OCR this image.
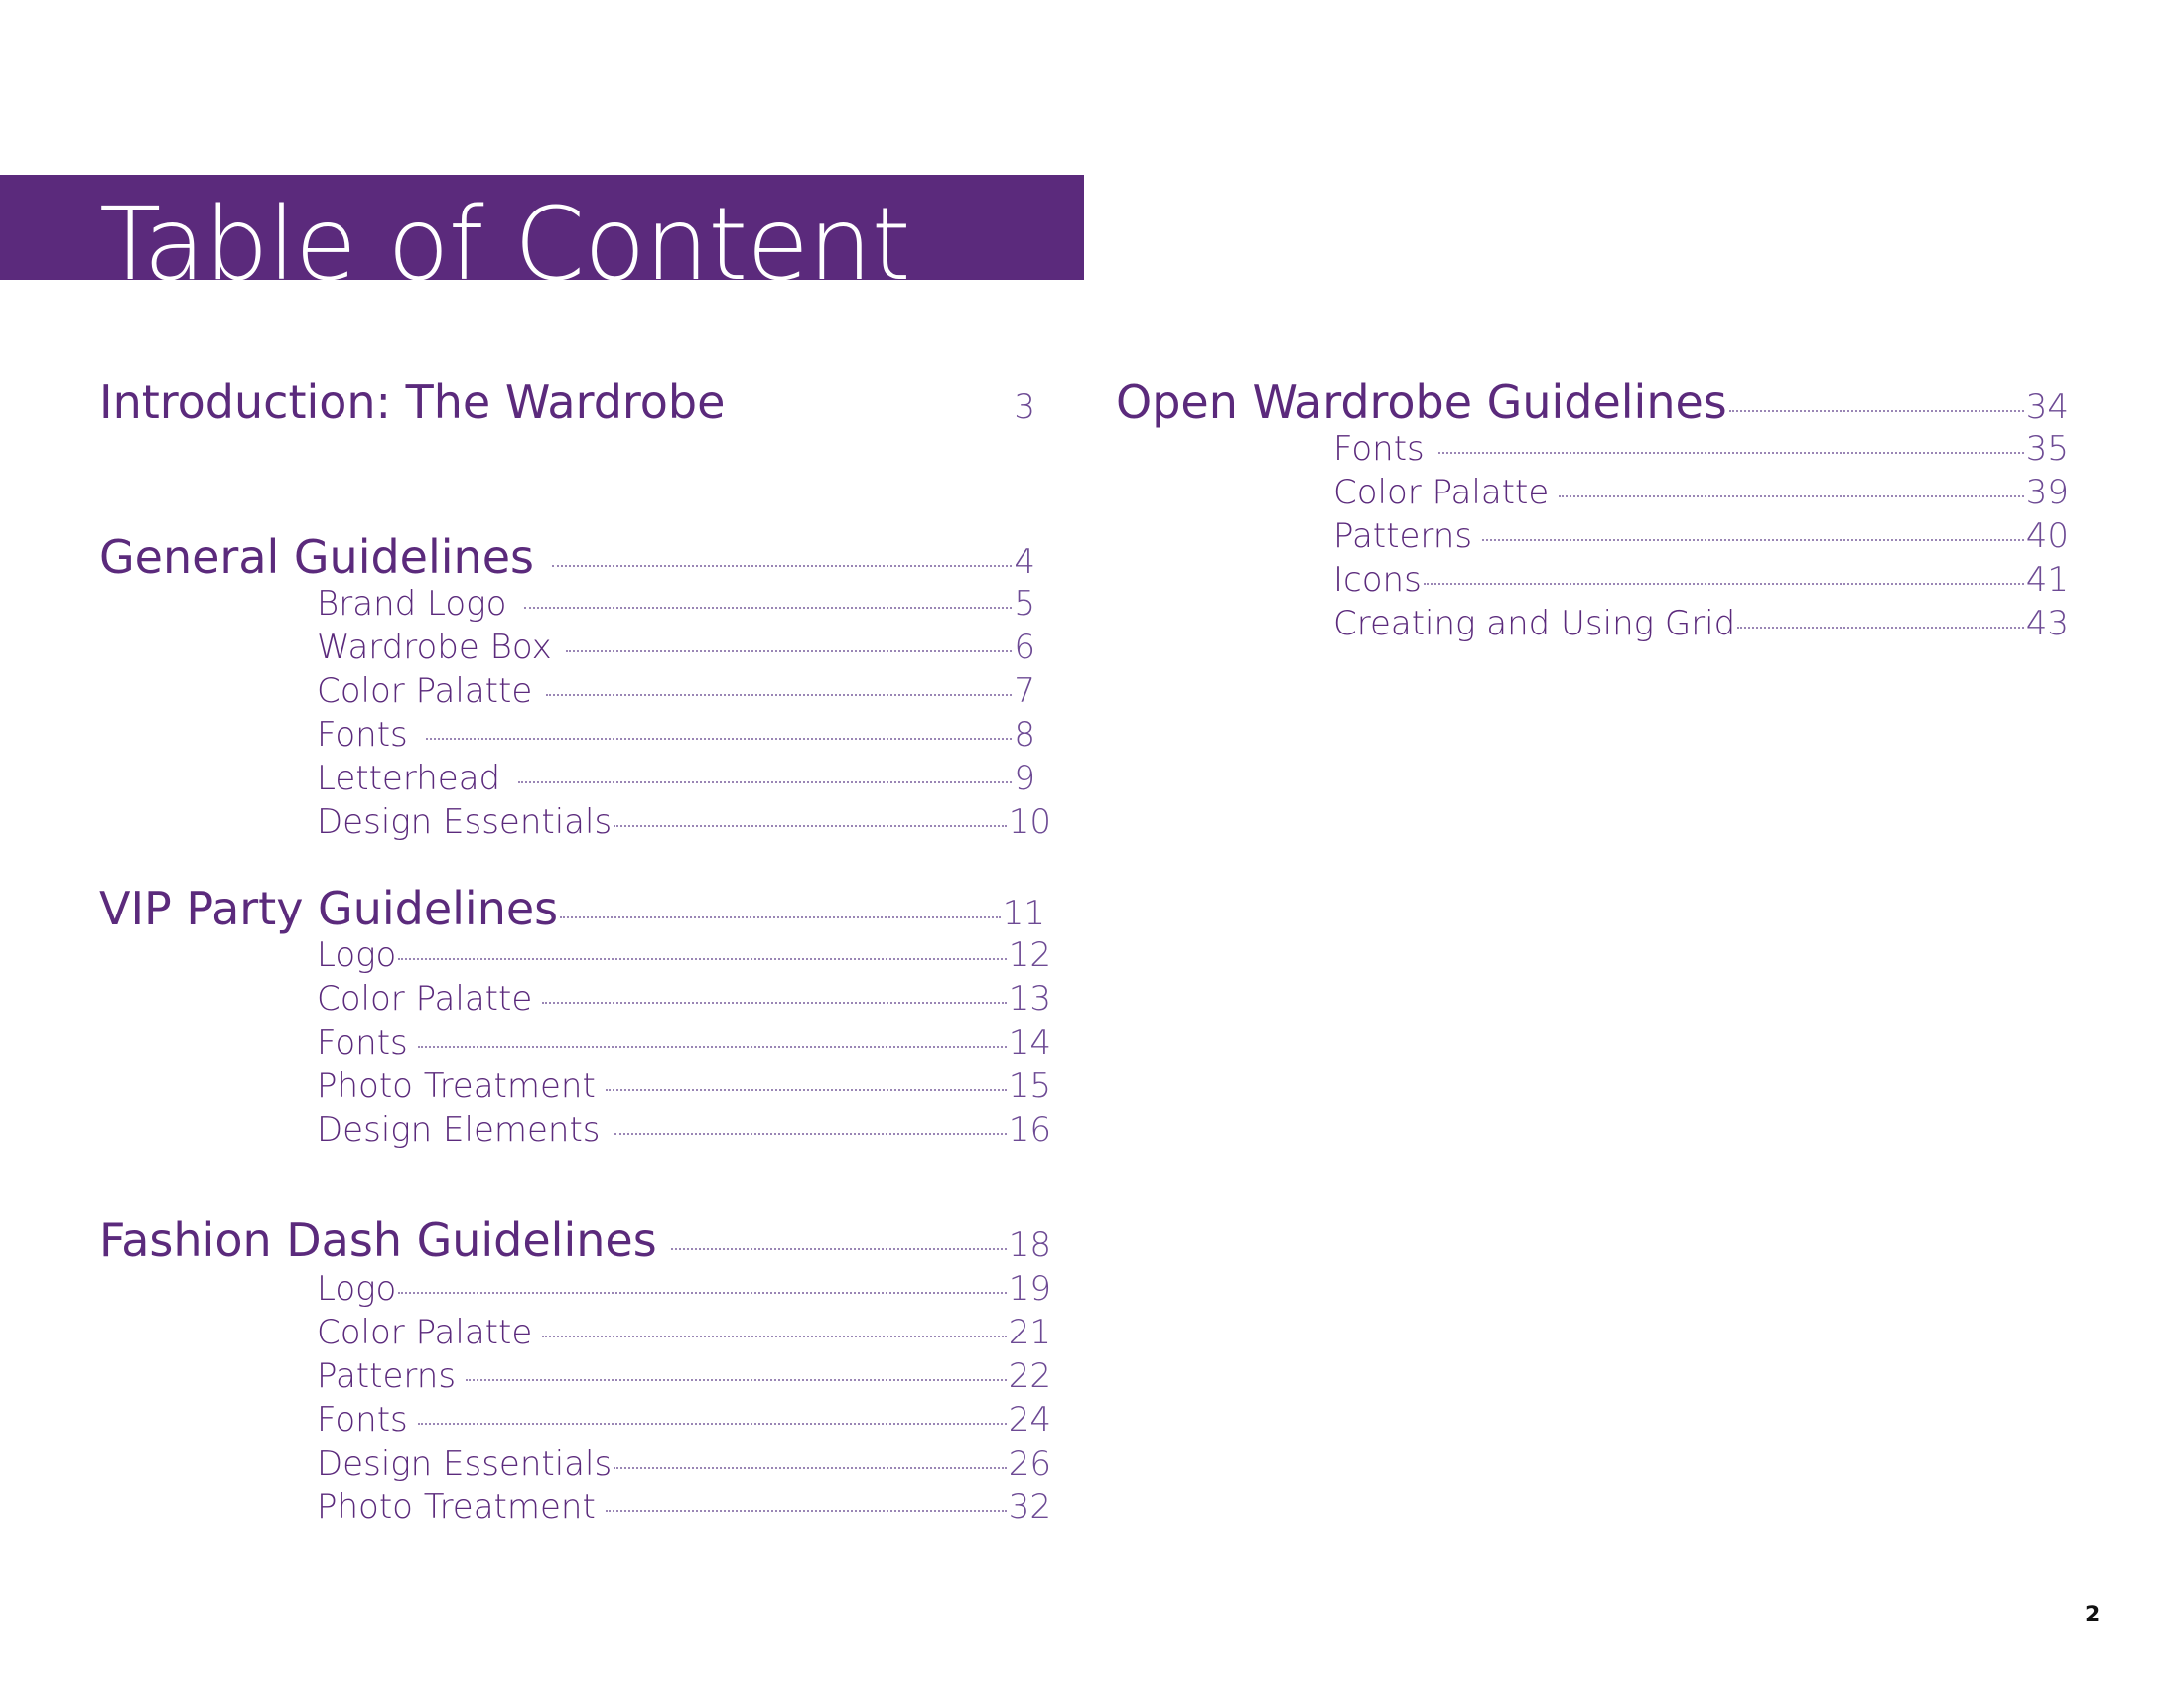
Table of Content
Introduction: The Wardrobe	3
General Guidelines	4
Brand Logo	5
Wardrobe Box	6
Color Palatte	7
Fonts	8
Letterhead	9
Design Essentials	10
VIP Party Guidelines	11
Logo	12
Color Palatte	13
Fonts	14
Photo Treatment	15
Design Elements	16
Fashion Dash Guidelines	18
Logo	19
Color Palatte	21
Patterns	22
Fonts	24
Design Essentials	26
Photo Treatment	32
Open Wardrobe Guidelines	34
Fonts	35
Color Palatte	39
Patterns	40
Icons	41
Creating and Using Grid	43
2
